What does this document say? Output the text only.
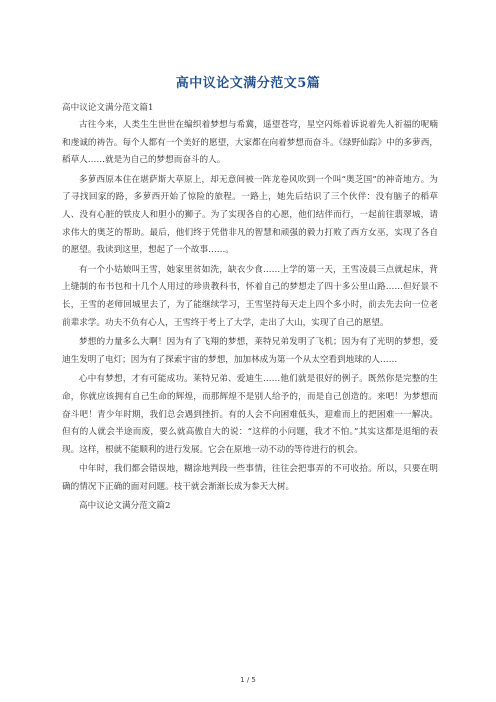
高中议论文满分范文5篇

高中议论文满分范文篇1

古往今来，人类生生世世在编织着梦想与希冀，遥望苍穹，星空闪烁着诉说着先人祈福的呢喃和虔诚的祷告。每个人都有一个美好的愿望，大家都在向着梦想而奋斗。《绿野仙踪》中的多萝西，稻草人……就是为自己的梦想而奋斗的人。

多萝西原本住在堪萨斯大草原上，却无意间被一阵龙卷风吹到一个叫“奥芝国”的神奇地方。为了寻找回家的路，多萝西开始了惊险的旅程。一路上，她先后结识了三个伙伴：没有脑子的稻草人、没有心脏的铁皮人和胆小的狮子。为了实现各自的心愿，他们结伴而行，一起前往翡翠城，请求伟大的奥芝的帮助。最后，他们终于凭借非凡的智慧和顽强的毅力打败了西方女巫，实现了各自的愿望。我读到这里，想起了一个故事……。

有一个小姑娘叫王雪，她家里贫如洗，缺衣少食……上学的第一天，王雪凌晨三点就起床，背上缝制的布书包和十几个人用过的珍贵教科书，怀着自己的梦想走了四十多公里山路……但好景不长，王雪的老师回城里去了，为了能继续学习，王雪坚持每天走上四个多小时，前去先去向一位老前辈求学。功夫不负有心人，王雪终于考上了大学，走出了大山，实现了自己的愿望。

梦想的力量多么大啊！因为有了飞翔的梦想，莱特兄弟发明了飞机；因为有了光明的梦想，爱迪生发明了电灯；因为有了探索宇宙的梦想，加加林成为第一个从太空看到地球的人……

心中有梦想，才有可能成功。莱特兄弟、爱迪生……他们就是很好的例子。既然你是完整的生命，你就应该拥有自己生命的辉煌，而那辉煌不是别人给予的，而是自己创造的。来吧！为梦想而奋斗吧！青少年时期，我们总会遇到挫折。有的人会不向困难低头，迎难而上的把困难一一解决。但有的人就会半途而废，要么就高傲自大的说：“这样的小问题，我才不怕。”其实这都是退缩的表现。这样，根就不能顺利的进行发展。它会在原地一动不动的等待进行的机会。

中年时，我们都会错误地，糊涂地判段一些事情，往往会把事弄的不可收拾。所以，只要在明确的情况下正确的面对问题。枝干就会渐渐长成为参天大树。

高中议论文满分范文篇2

1 / 5
